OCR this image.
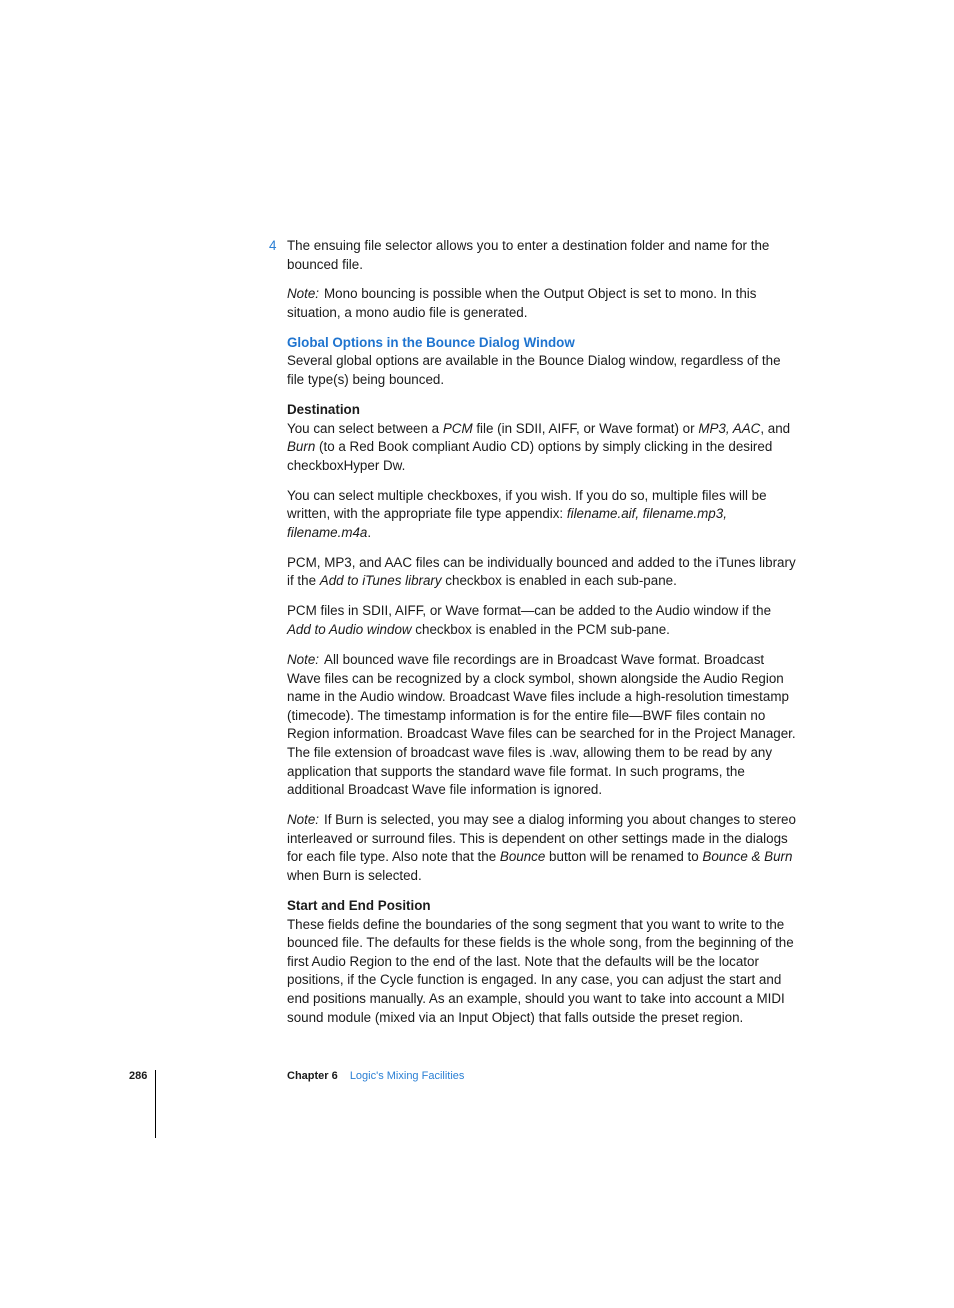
4 The ensuing file selector allows you to enter a destination folder and name for the bounced file.

Note: Mono bouncing is possible when the Output Object is set to mono. In this situation, a mono audio file is generated.

Global Options in the Bounce Dialog Window

Several global options are available in the Bounce Dialog window, regardless of the file type(s) being bounced.

Destination

You can select between a PCM file (in SDII, AIFF, or Wave format) or MP3, AAC, and Burn (to a Red Book compliant Audio CD) options by simply clicking in the desired checkboxHyper Dw.

You can select multiple checkboxes, if you wish. If you do so, multiple files will be written, with the appropriate file type appendix: filename.aif, filename.mp3, filename.m4a.

PCM, MP3, and AAC files can be individually bounced and added to the iTunes library if the Add to iTunes library checkbox is enabled in each sub-pane.

PCM files in SDII, AIFF, or Wave format—can be added to the Audio window if the Add to Audio window checkbox is enabled in the PCM sub-pane.

Note: All bounced wave file recordings are in Broadcast Wave format. Broadcast Wave files can be recognized by a clock symbol, shown alongside the Audio Region name in the Audio window. Broadcast Wave files include a high-resolution timestamp (timecode). The timestamp information is for the entire file—BWF files contain no Region information. Broadcast Wave files can be searched for in the Project Manager. The file extension of broadcast wave files is .wav, allowing them to be read by any application that supports the standard wave file format. In such programs, the additional Broadcast Wave file information is ignored.

Note: If Burn is selected, you may see a dialog informing you about changes to stereo interleaved or surround files. This is dependent on other settings made in the dialogs for each file type. Also note that the Bounce button will be renamed to Bounce & Burn when Burn is selected.

Start and End Position

These fields define the boundaries of the song segment that you want to write to the bounced file. The defaults for these fields is the whole song, from the beginning of the first Audio Region to the end of the last. Note that the defaults will be the locator positions, if the Cycle function is engaged. In any case, you can adjust the start and end positions manually. As an example, should you want to take into account a MIDI sound module (mixed via an Input Object) that falls outside the preset region.

286	Chapter 6 Logic's Mixing Facilities
